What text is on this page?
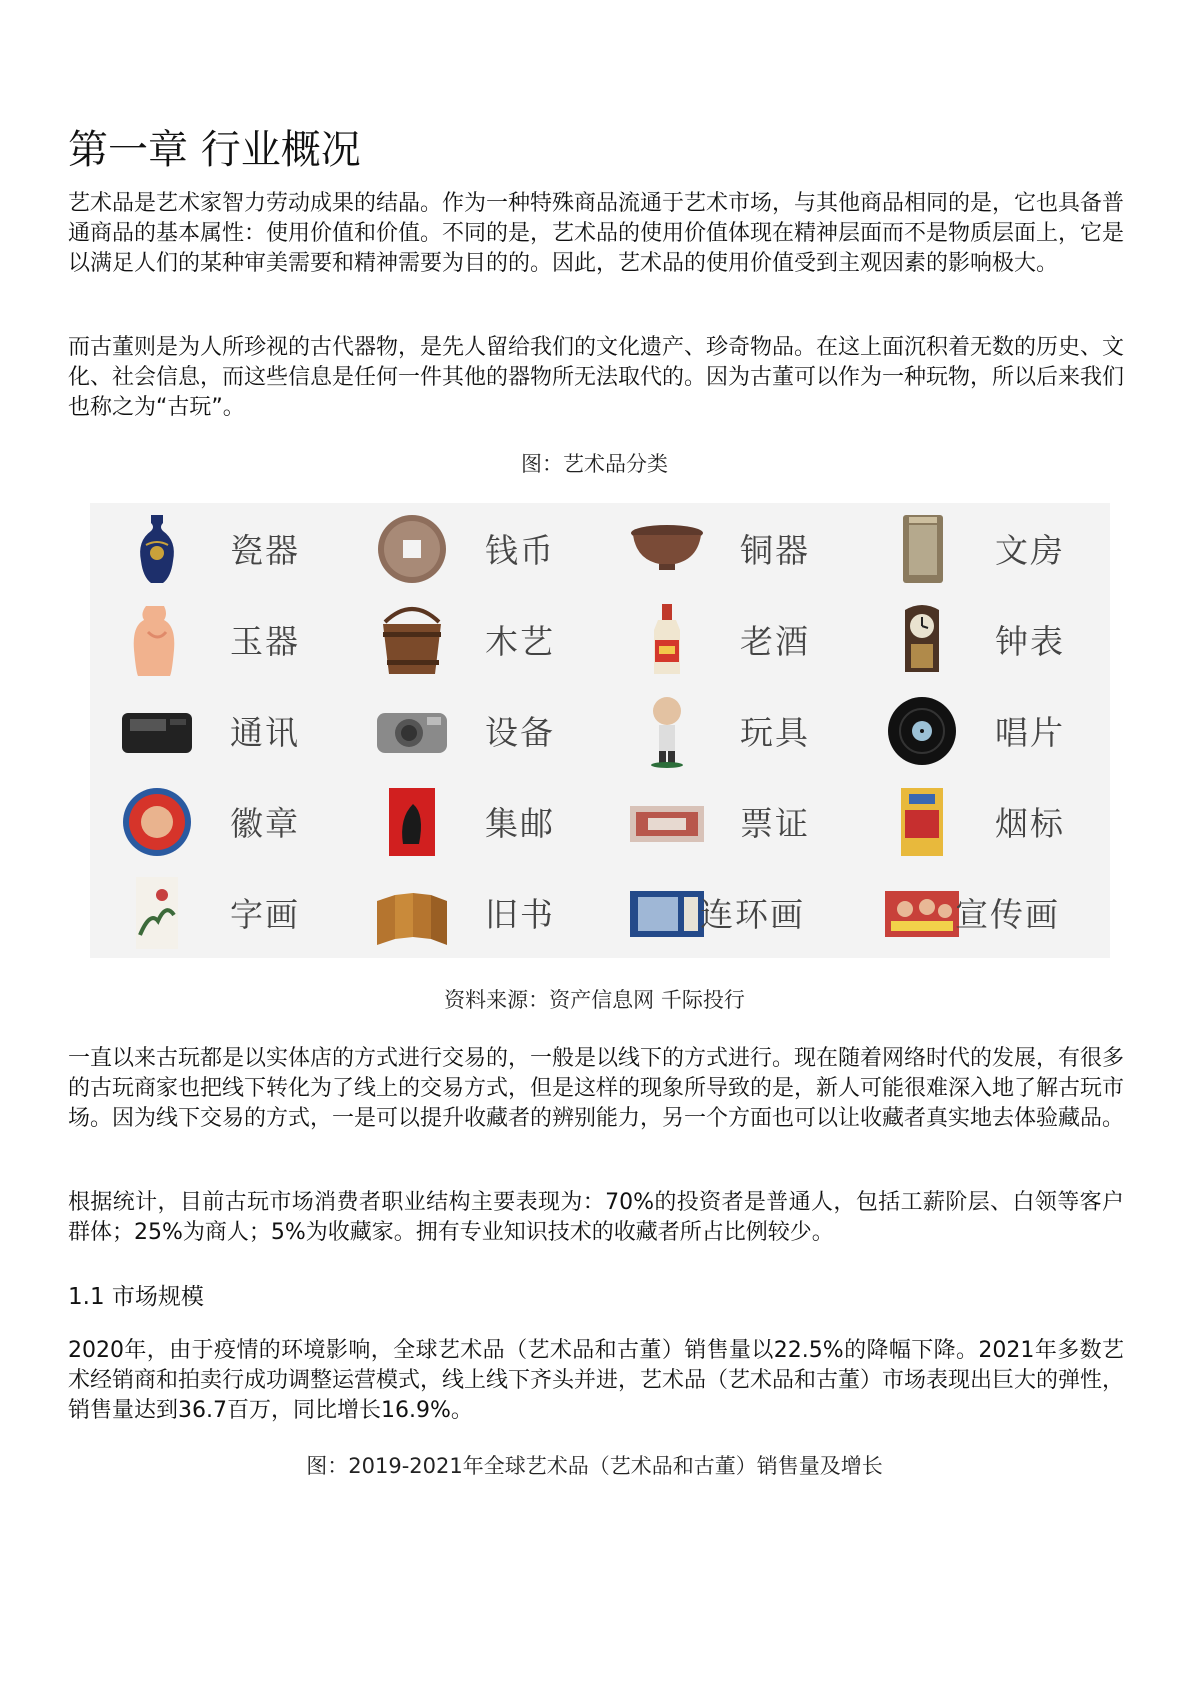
第一章 行业概况

艺术品是艺术家智力劳动成果的结晶。作为一种特殊商品流通于艺术市场，与其他商品相同的是，它也具备普通商品的基本属性：使用价值和价值。不同的是，艺术品的使用价值体现在精神层面而不是物质层面上，它是以满足人们的某种审美需要和精神需要为目的的。因此，艺术品的使用价值受到主观因素的影响极大。

而古董则是为人所珍视的古代器物，是先人留给我们的文化遗产、珍奇物品。在这上面沉积着无数的历史、文化、社会信息，而这些信息是任何一件其他的器物所无法取代的。因为古董可以作为一种玩物，所以后来我们也称之为“古玩”。

图：艺术品分类

瓷器	钱币	铜器	文房
玉器	木艺	老酒	钟表
通讯	设备	玩具	唱片
徽章	集邮	票证	烟标
字画	旧书	连环画	宣传画

资料来源：资产信息网 千际投行

一直以来古玩都是以实体店的方式进行交易的，一般是以线下的方式进行。现在随着网络时代的发展，有很多的古玩商家也把线下转化为了线上的交易方式，但是这样的现象所导致的是，新人可能很难深入地了解古玩市场。因为线下交易的方式，一是可以提升收藏者的辨别能力，另一个方面也可以让收藏者真实地去体验藏品。

根据统计，目前古玩市场消费者职业结构主要表现为：70%的投资者是普通人，包括工薪阶层、白领等客户群体；25%为商人；5%为收藏家。拥有专业知识技术的收藏者所占比例较少。

1.1 市场规模

2020年，由于疫情的环境影响，全球艺术品（艺术品和古董）销售量以22.5%的降幅下降。2021年多数艺术经销商和拍卖行成功调整运营模式，线上线下齐头并进，艺术品（艺术品和古董）市场表现出巨大的弹性，销售量达到36.7百万，同比增长16.9%。

图：2019-2021年全球艺术品（艺术品和古董）销售量及增长
